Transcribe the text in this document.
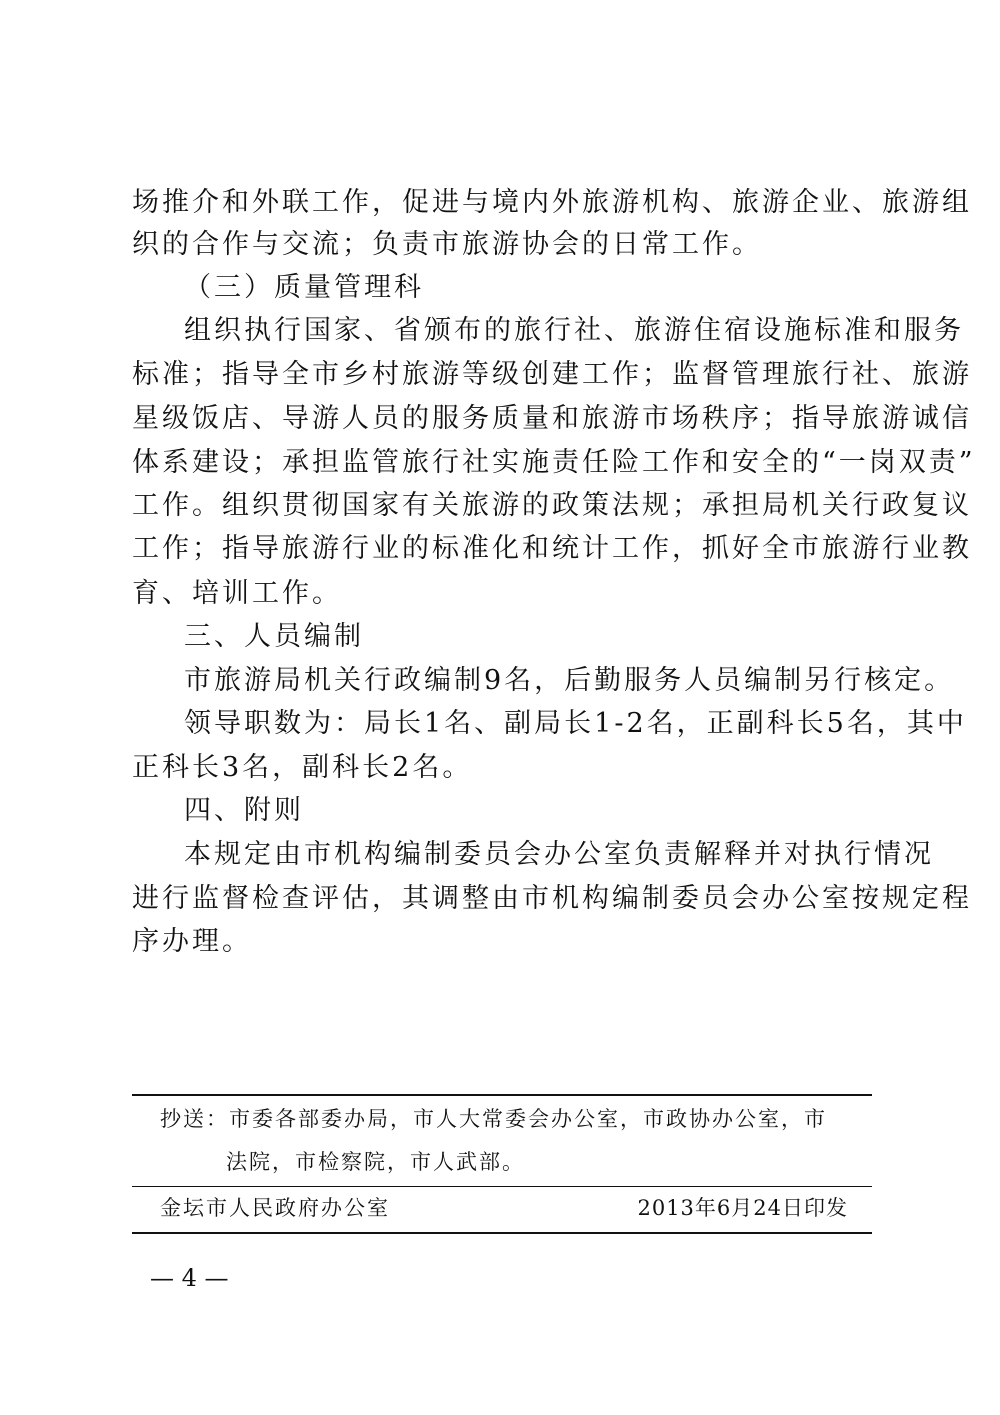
场推介和外联工作，促进与境内外旅游机构、旅游企业、旅游组
织的合作与交流；负责市旅游协会的日常工作。
（三）质量管理科
组织执行国家、省颁布的旅行社、旅游住宿设施标准和服务
标准；指导全市乡村旅游等级创建工作；监督管理旅行社、旅游
星级饭店、导游人员的服务质量和旅游市场秩序；指导旅游诚信
体系建设；承担监管旅行社实施责任险工作和安全的“一岗双责”
工作。组织贯彻国家有关旅游的政策法规；承担局机关行政复议
工作；指导旅游行业的标准化和统计工作，抓好全市旅游行业教
育、培训工作。
三、人员编制
市旅游局机关行政编制9名，后勤服务人员编制另行核定。
领导职数为：局长1名、副局长1-2名，正副科长5名，其中
正科长3名，副科长2名。
四、附则
本规定由市机构编制委员会办公室负责解释并对执行情况
进行监督检查评估，其调整由市机构编制委员会办公室按规定程
序办理。
抄送：市委各部委办局，市人大常委会办公室，市政协办公室，市
法院，市检察院，市人武部。
金坛市人民政府办公室	2013年6月24日印发
— 4 —
